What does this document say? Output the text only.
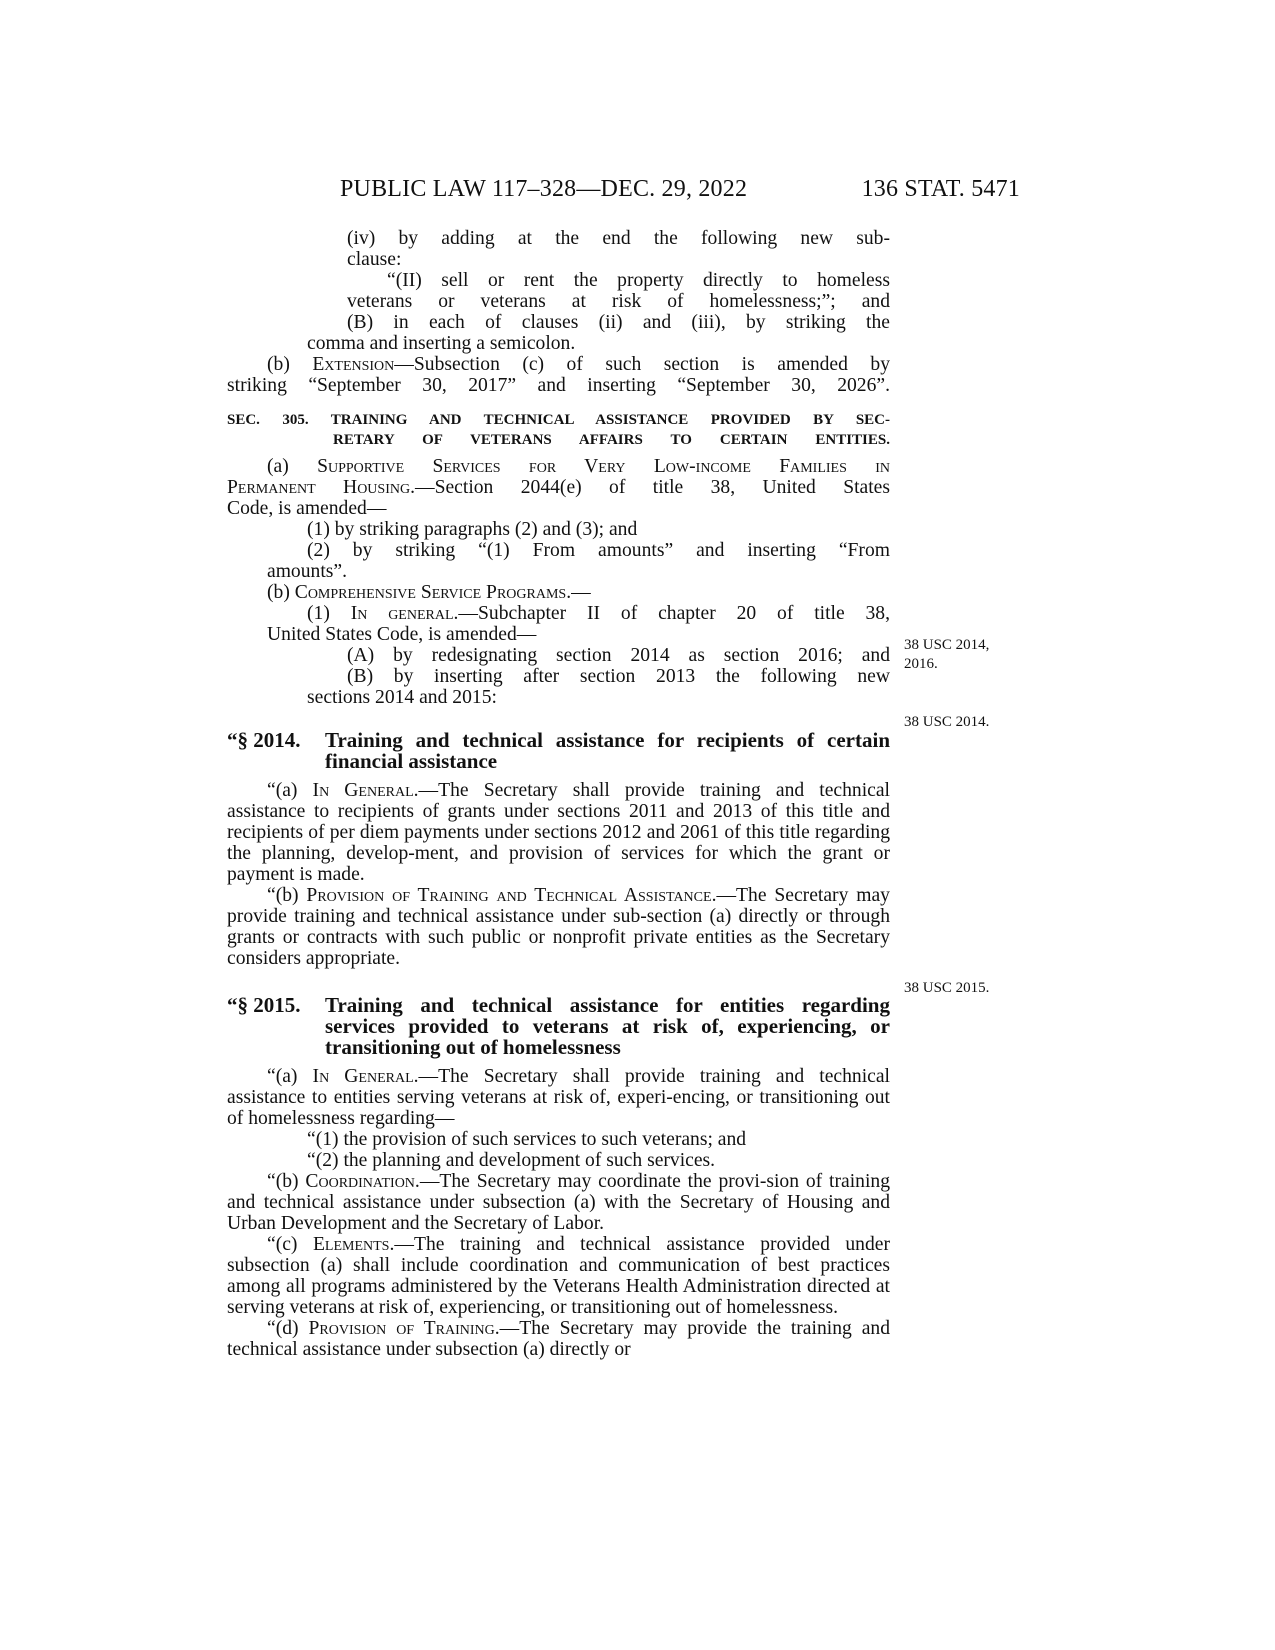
PUBLIC LAW 117–328—DEC. 29, 2022	136 STAT. 5471

(iv) by adding at the end the following new sub-
clause:

“(II) sell or rent the property directly to homeless

veterans or veterans at risk of homelessness;”; and

(B) in each of clauses (ii) and (iii), by striking the
comma and inserting a semicolon.

(b) Extension—Subsection (c) of such section is amended by
striking “September 30, 2017” and inserting “September 30, 2026”.

SEC. 305. TRAINING AND TECHNICAL ASSISTANCE PROVIDED BY SEC-
RETARY OF VETERANS AFFAIRS TO CERTAIN ENTITIES.

(a) Supportive Services for Very Low-income Families in
Permanent Housing.—Section 2044(e) of title 38, United States
Code, is amended—

(1) by striking paragraphs (2) and (3); and

(2) by striking “(1) From amounts” and inserting “From
amounts”.

(b) Comprehensive Service Programs.—

(1) In general.—Subchapter II of chapter 20 of title 38,
United States Code, is amended—

(A) by redesignating section 2014 as section 2016; and

(B) by inserting after section 2013 the following new
sections 2014 and 2015:

“§ 2014.	Training and technical assistance for recipients of certain financial assistance

“(a) In General.—The Secretary shall provide training and technical assistance to recipients of grants under sections 2011 and 2013 of this title and recipients of per diem payments under sections 2012 and 2061 of this title regarding the planning, develop-ment, and provision of services for which the grant or payment is made.

“(b) Provision of Training and Technical Assistance.—The Secretary may provide training and technical assistance under sub-section (a) directly or through grants or contracts with such public or nonprofit private entities as the Secretary considers appropriate.

“§ 2015.	Training and technical assistance for entities regarding services provided to veterans at risk of, experiencing, or transitioning out of homelessness

“(a) In General.—The Secretary shall provide training and technical assistance to entities serving veterans at risk of, experi-encing, or transitioning out of homelessness regarding—

“(1) the provision of such services to such veterans; and

“(2) the planning and development of such services.

“(b) Coordination.—The Secretary may coordinate the provi-sion of training and technical assistance under subsection (a) with the Secretary of Housing and Urban Development and the Secretary of Labor.

“(c) Elements.—The training and technical assistance provided under subsection (a) shall include coordination and communication of best practices among all programs administered by the Veterans Health Administration directed at serving veterans at risk of, experiencing, or transitioning out of homelessness.

“(d) Provision of Training.—The Secretary may provide the training and technical assistance under subsection (a) directly or

38 USC 2014,
2016.
38 USC 2014.
38 USC 2015.
